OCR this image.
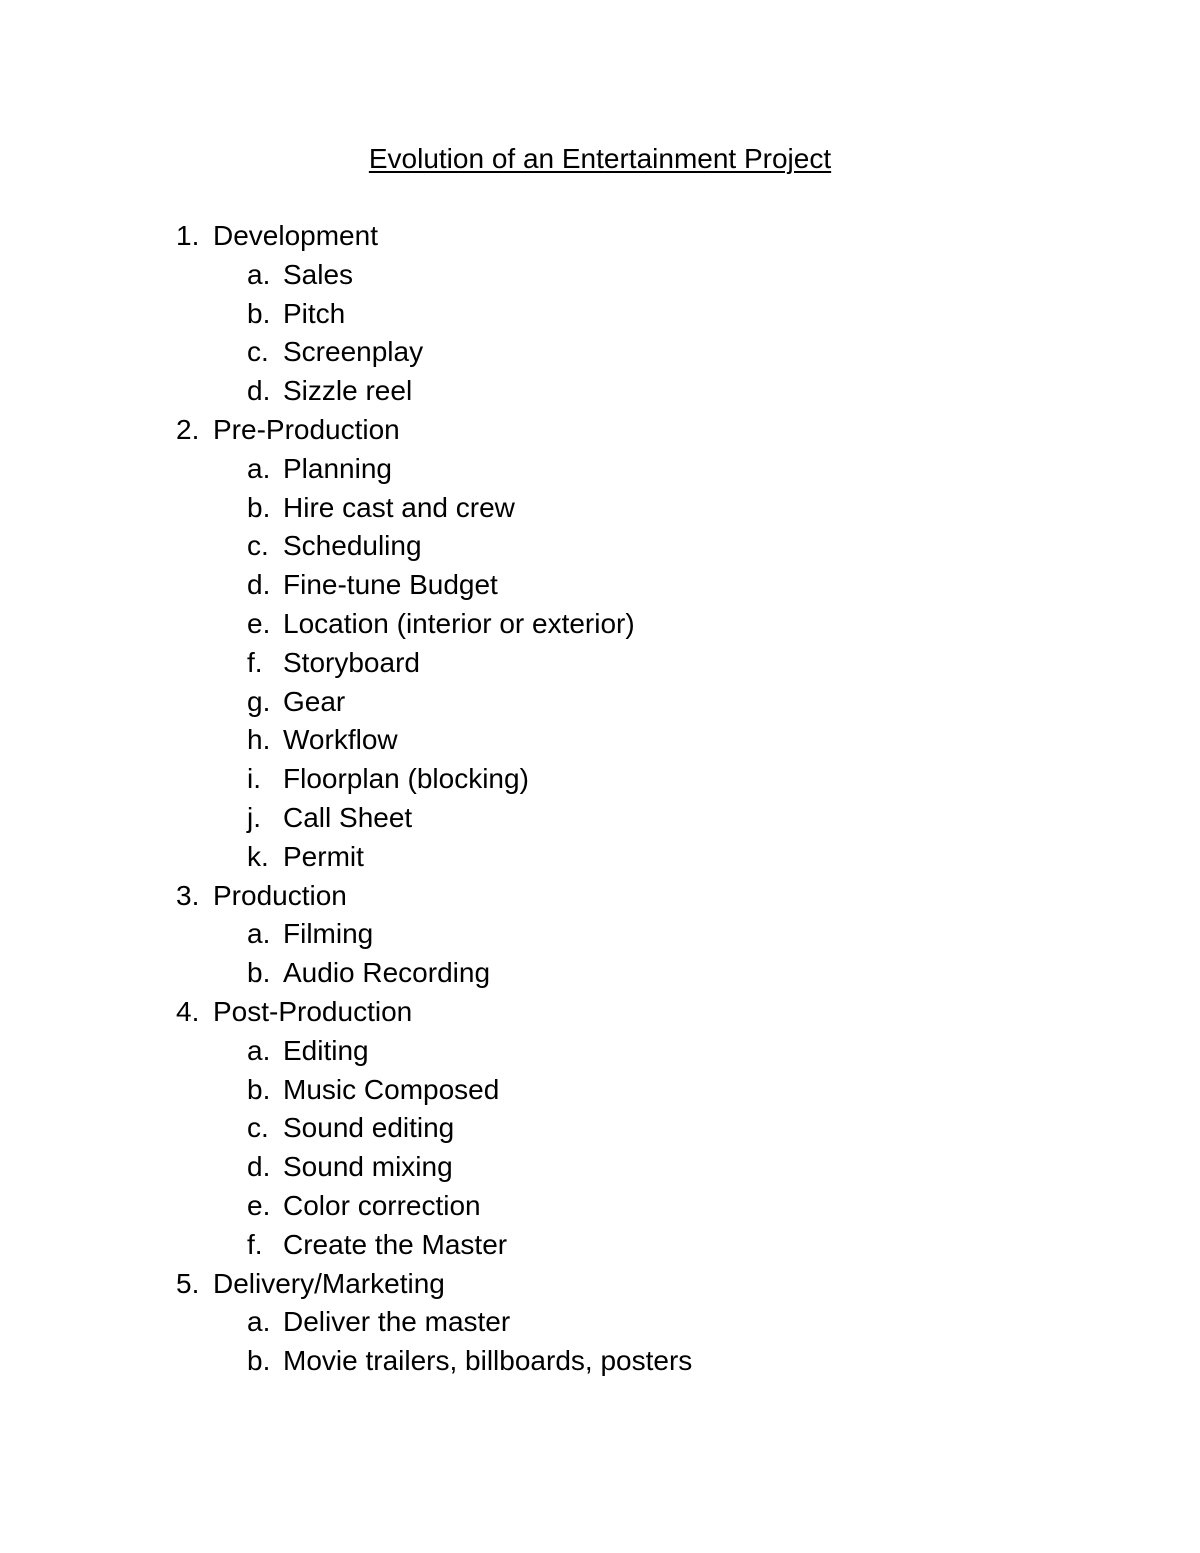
Evolution of an Entertainment Project
1. Development
a. Sales
b. Pitch
c. Screenplay
d. Sizzle reel
2. Pre-Production
a. Planning
b. Hire cast and crew
c. Scheduling
d. Fine-tune Budget
e. Location (interior or exterior)
f. Storyboard
g. Gear
h. Workflow
i. Floorplan (blocking)
j. Call Sheet
k. Permit
3. Production
a. Filming
b. Audio Recording
4. Post-Production
a. Editing
b. Music Composed
c. Sound editing
d. Sound mixing
e. Color correction
f. Create the Master
5. Delivery/Marketing
a. Deliver the master
b. Movie trailers, billboards, posters
